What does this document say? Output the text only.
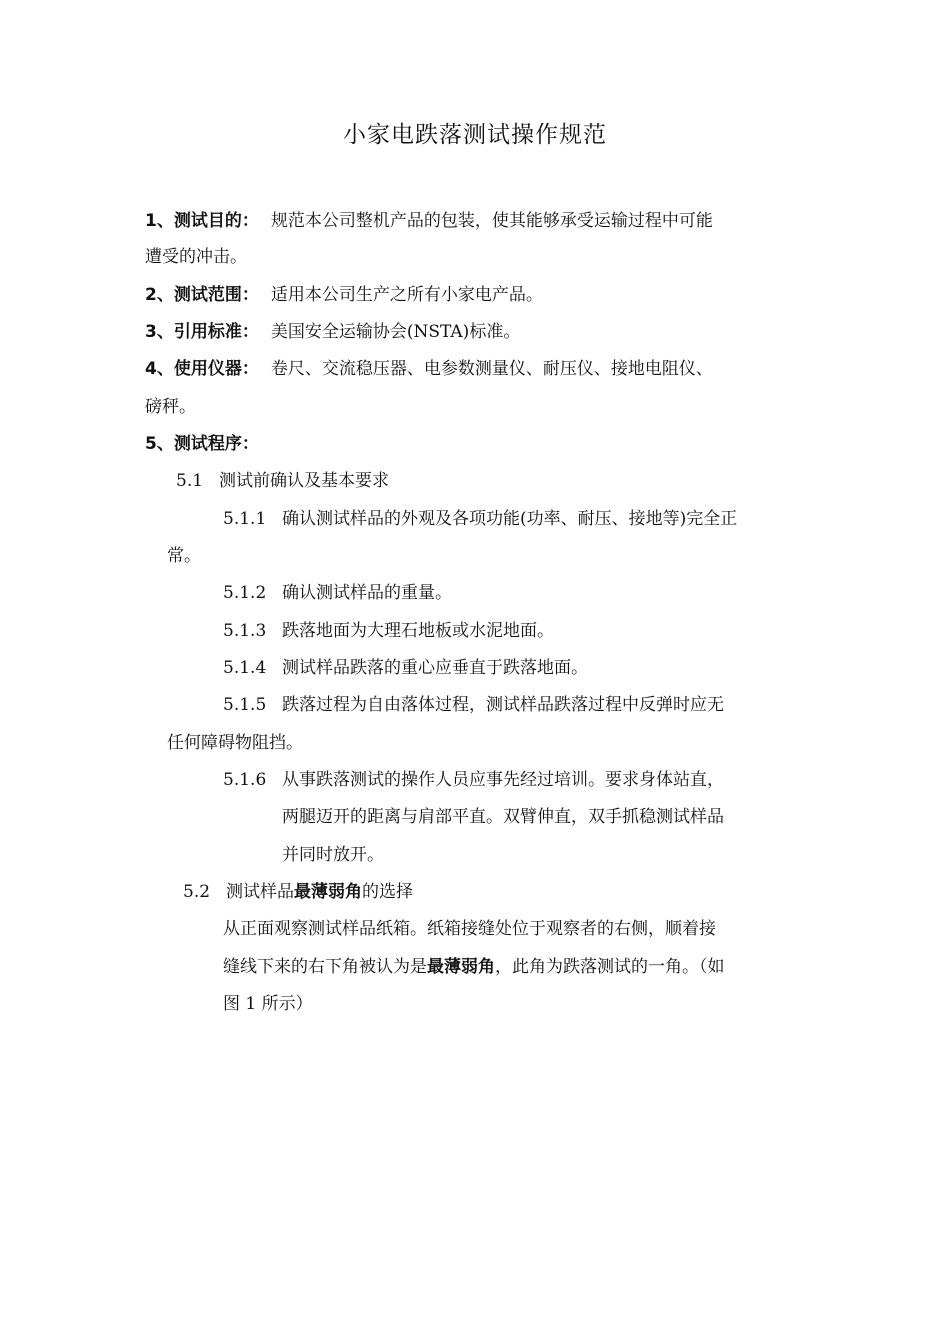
小家电跌落测试操作规范
1、测试目的： 规范本公司整机产品的包装，使其能够承受运输过程中可能
遭受的冲击。
2、测试范围： 适用本公司生产之所有小家电产品。
3、引用标准： 美国安全运输协会(NSTA)标准。
4、使用仪器： 卷尺、交流稳压器、电参数测量仪、耐压仪、接地电阻仪、
磅秤。
5、测试程序：
5.1 测试前确认及基本要求
5.1.1 确认测试样品的外观及各项功能(功率、耐压、接地等)完全正
常。
5.1.2 确认测试样品的重量。
5.1.3 跌落地面为大理石地板或水泥地面。
5.1.4 测试样品跌落的重心应垂直于跌落地面。
5.1.5 跌落过程为自由落体过程，测试样品跌落过程中反弹时应无
任何障碍物阻挡。
5.1.6 从事跌落测试的操作人员应事先经过培训。要求身体站直，
两腿迈开的距离与肩部平直。双臂伸直，双手抓稳测试样品
并同时放开。
5.2 测试样品最薄弱角的选择
从正面观察测试样品纸箱。纸箱接缝处位于观察者的右侧，顺着接
缝线下来的右下角被认为是最薄弱角，此角为跌落测试的一角。（如
图 1 所示）
